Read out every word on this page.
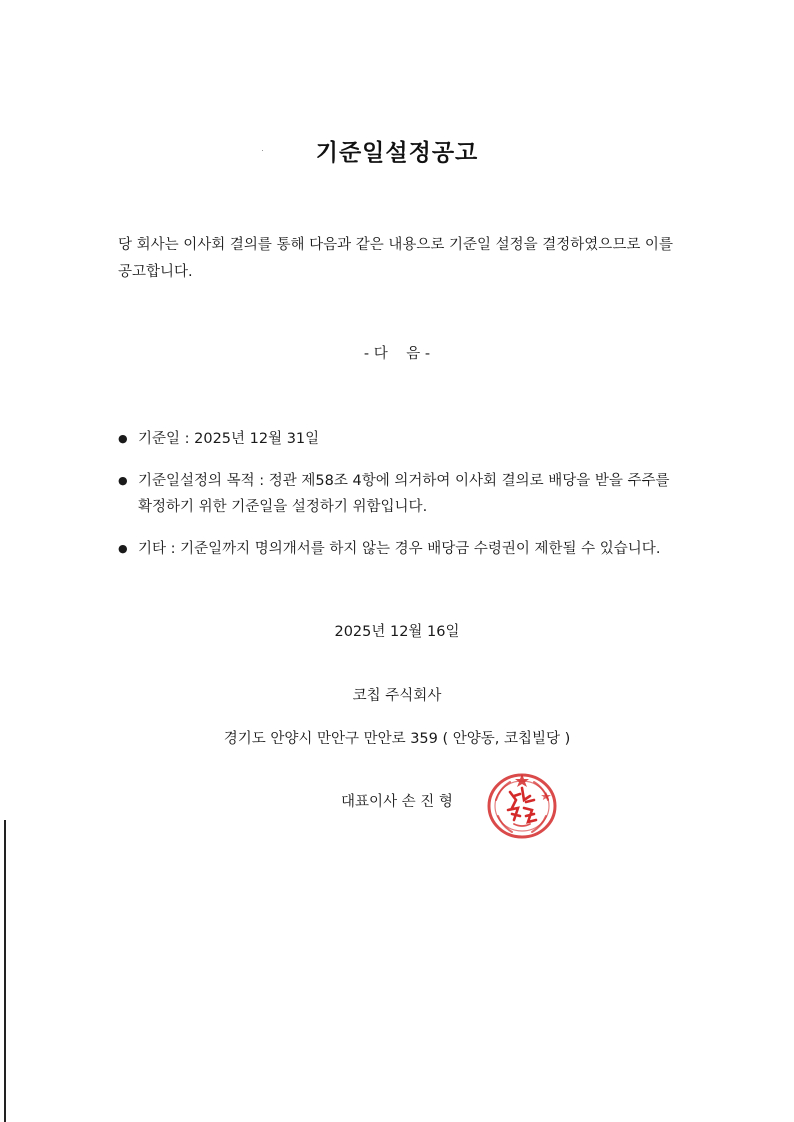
기준일설정공고
당 회사는 이사회 결의를 통해 다음과 같은 내용으로 기준일 설정을 결정하였으므로 이를 공고합니다.
- 다    음 -
● 기준일 : 2025년 12월 31일
● 기준일설정의 목적 : 정관 제58조 4항에 의거하여 이사회 결의로 배당을 받을 주주를 확정하기 위한 기준일을 설정하기 위함입니다.
● 기타 : 기준일까지 명의개서를 하지 않는 경우 배당금 수령권이 제한될 수 있습니다.
2025년 12월 16일
코칩 주식회사
경기도 안양시 만안구 만안로 359 ( 안양동, 코칩빌당 )
대표이사 손 진 형
